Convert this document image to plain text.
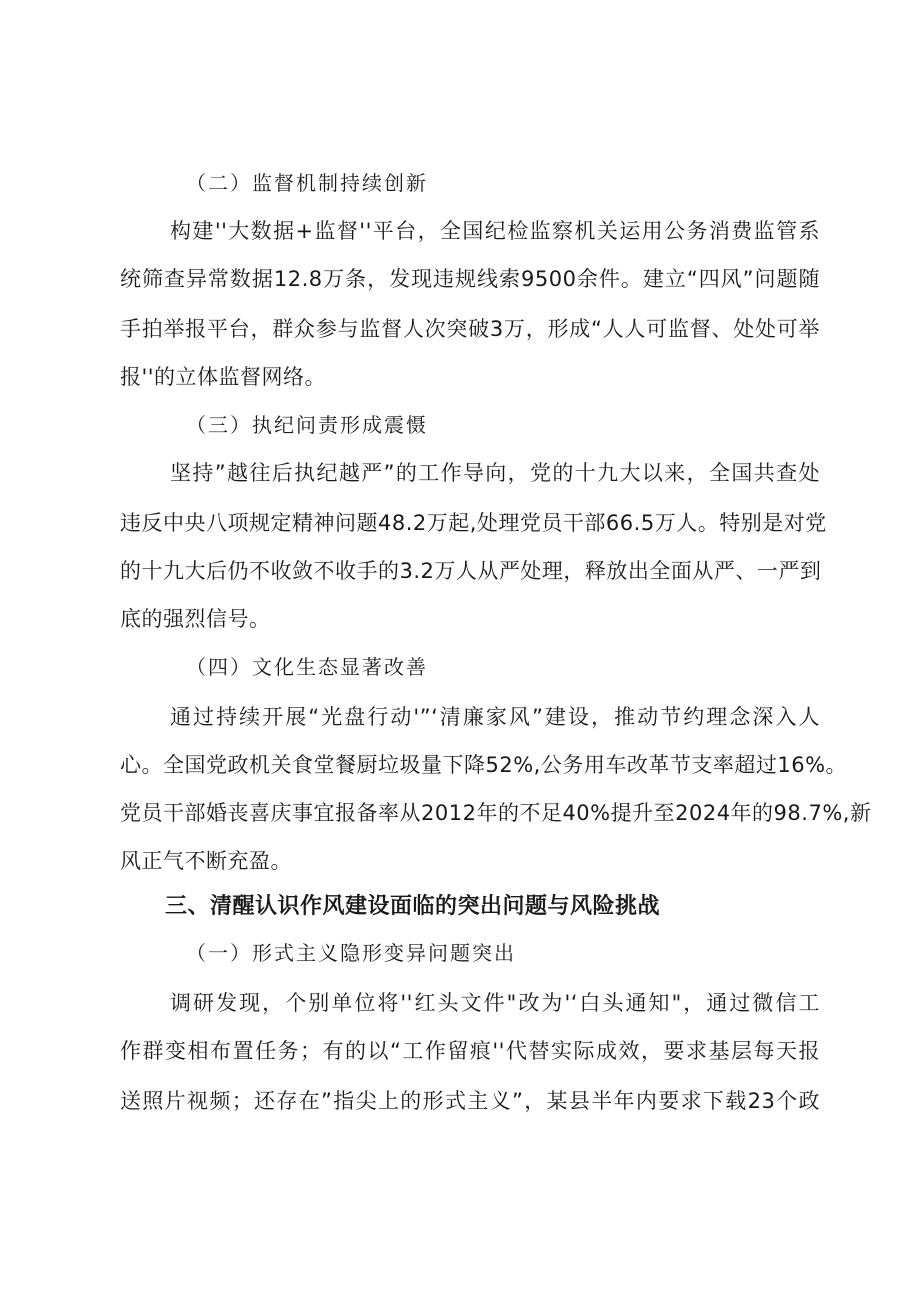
（二）监督机制持续创新
构建''大数据+监督''平台，全国纪检监察机关运用公务消费监管系
统筛查异常数据12.8万条，发现违规线索9500余件。建立“四风”问题随
手拍举报平台，群众参与监督人次突破3万，形成“人人可监督、处处可举
报''的立体监督网络。
（三）执纪问责形成震慑
坚持”越往后执纪越严”的工作导向，党的十九大以来，全国共查处
违反中央八项规定精神问题48.2万起,处理党员干部66.5万人。特别是对党
的十九大后仍不收敛不收手的3.2万人从严处理，释放出全面从严、一严到
底的强烈信号。
（四）文化生态显著改善
通过持续开展“光盘行动'”‘清廉家风”建设，推动节约理念深入人
心。全国党政机关食堂餐厨垃圾量下降52%,公务用车改革节支率超过16%。
党员干部婚丧喜庆事宜报备率从2012年的不足40%提升至2024年的98.7%,新
风正气不断充盈。
三、清醒认识作风建设面临的突出问题与风险挑战
（一）形式主义隐形变异问题突出
调研发现，个别单位将''红头文件"改为'‘白头通知"，通过微信工
作群变相布置任务；有的以“工作留痕''代替实际成效，要求基层每天报
送照片视频；还存在”指尖上的形式主义”，某县半年内要求下载23个政
